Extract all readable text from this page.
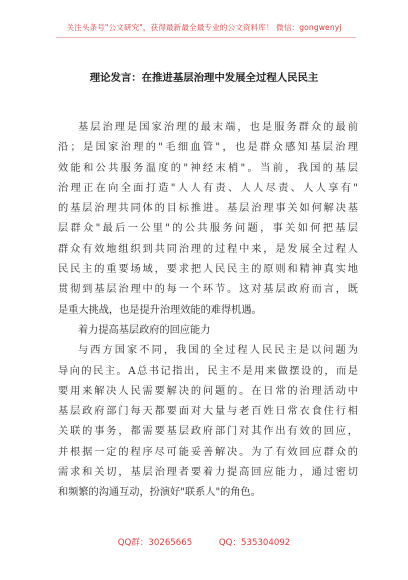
关注头条号"公文研究"，获得最新最全最专业的公文资料库！ 微信：gongwenyj
理论发言：在推进基层治理中发展全过程人民民主
基层治理是国家治理的最末端，也是服务群众的最前
沿；是国家治理的"毛细血管"，也是群众感知基层治理
效能和公共服务温度的"神经末梢"。当前，我国的基层
治理正在向全面打造"人人有责、人人尽责、人人享有"
的基层治理共同体的目标推进。基层治理事关如何解决基
层群众"最后一公里"的公共服务问题，事关如何把基层
群众有效地组织到共同治理的过程中来，是发展全过程人
民民主的重要场域，要求把人民民主的原则和精神真实地
贯彻到基层治理中的每一个环节。这对基层政府而言，既
是重大挑战，也是提升治理效能的难得机遇。
着力提高基层政府的回应能力
与西方国家不同，我国的全过程人民民主是以问题为
导向的民主。A总书记指出，民主不是用来做摆设的，而是
要用来解决人民需要解决的问题的。在日常的治理活动中
基层政府部门每天都要面对大量与老百姓日常衣食住行相
关联的事务，都需要基层政府部门对其作出有效的回应，
并根据一定的程序尽可能妥善解决。为了有效回应群众的
需求和关切，基层治理者要着力提高回应能力，通过密切
和频繁的沟通互动，扮演好"联系人"的角色。
QQ群：30265665	QQ：535304092
